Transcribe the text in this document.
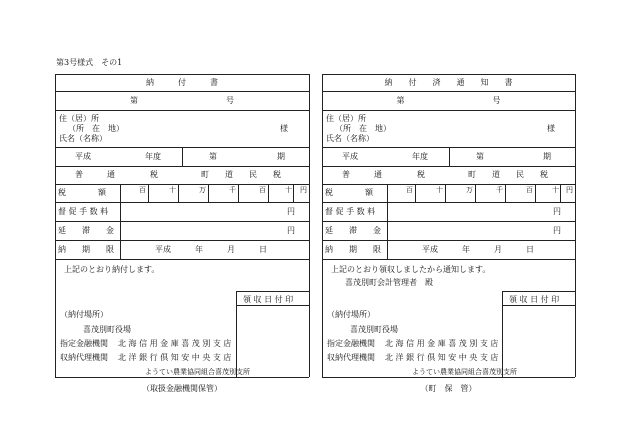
第3号様式　その1
納　　　付　　　書
第　　　　　　　　　　　号
住（居）所
（所　在　地）
氏名（名称）
様
平成	年度	第	期
普　　　通	税	町　　道　　民　　税
税　　　　額	百	十	万	千	百	十 円
督 促 手 数 料	円
延　　滞　　金	円
納　　期　　限	平成　　　年　　　月　　　日
上記のとおり納付します。
領 収 日 付 印
（納付場所）
喜茂別町役場
指定金融機関 北 海 信 用 金 庫 喜 茂 別 支 店
収納代理機関 北 洋 銀 行 倶 知 安 中 央 支 店
ようてい農業協同組合喜茂別支所
（取扱金融機関保管）
納　　付　　済　　通　　知　　書
第　　　　　　　　　　　号
住（居）所
（所　在　地）
氏名（名称）
様
平成	年度	第	期
普　　　通	税	町　　道　　民　　税
税　　　　額	百	十	万	千	百	十 円
督 促 手 数 料	円
延　　滞　　金	円
納　　期　　限	平成　　　年　　　月　　　日
上記のとおり領収しましたから通知します。
喜茂別町会計管理者　殿
領 収 日 付 印
（納付場所）
喜茂別町役場
指定金融機関 北 海 信 用 金 庫 喜 茂 別 支 店
収納代理機関 北 洋 銀 行 倶 知 安 中 央 支 店
ようてい農業協同組合喜茂別支所
（町　保　管）
